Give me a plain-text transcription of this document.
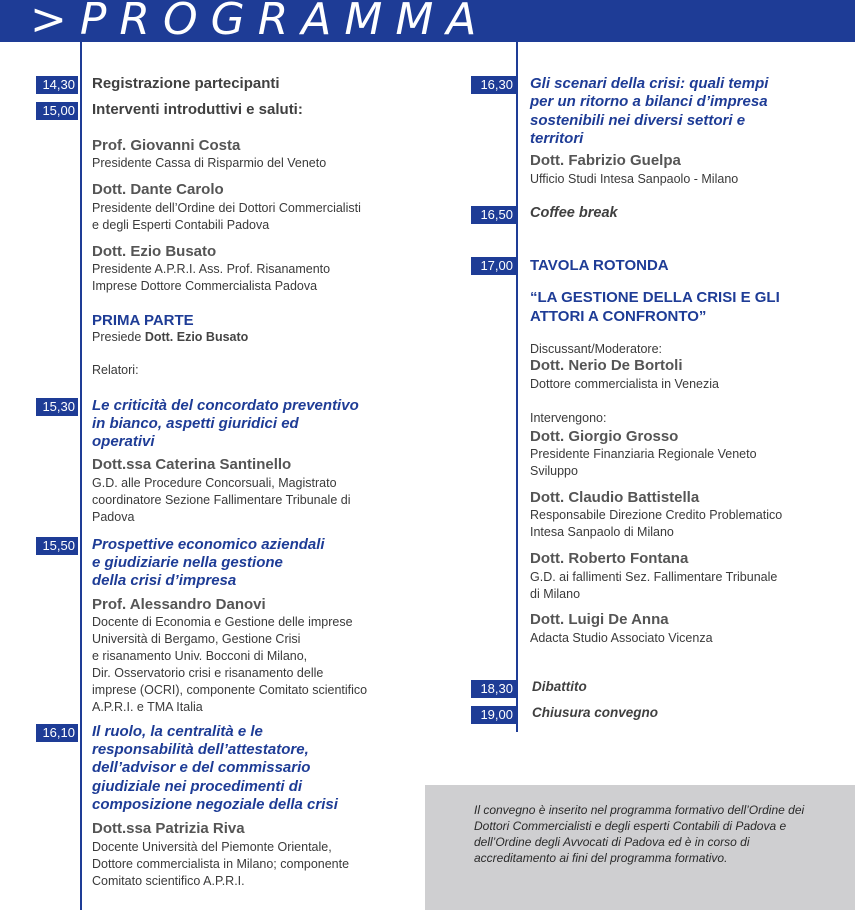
>PROGRAMMA
14,30 Registrazione partecipanti
15,00 Interventi introduttivi e saluti:
Prof. Giovanni Costa
Presidente Cassa di Risparmio del Veneto
Dott. Dante Carolo
Presidente dell’Ordine dei Dottori Commercialisti
e degli Esperti Contabili Padova
Dott. Ezio Busato
Presidente A.P.R.I. Ass. Prof. Risanamento
Imprese Dottore Commercialista Padova
PRIMA PARTE
Presiede Dott. Ezio Busato
Relatori:
15,30 Le criticità del concordato preventivo
in bianco, aspetti giuridici ed
operativi
Dott.ssa Caterina Santinello
G.D. alle Procedure Concorsuali, Magistrato
coordinatore Sezione Fallimentare Tribunale di
Padova
15,50 Prospettive economico aziendali
e giudiziarie nella gestione
della crisi d’impresa
Prof. Alessandro Danovi
Docente di Economia e Gestione delle imprese
Università di Bergamo, Gestione Crisi
e risanamento Univ. Bocconi di Milano,
Dir. Osservatorio crisi e risanamento delle
imprese (OCRI), componente Comitato scientifico
A.P.R.I. e TMA Italia
16,10 Il ruolo, la centralità e le
responsabilità dell’attestatore,
dell’advisor e del commissario
giudiziale nei procedimenti di
composizione negoziale della crisi
Dott.ssa Patrizia Riva
Docente Università del Piemonte Orientale,
Dottore commercialista in Milano; componente
Comitato scientifico A.P.R.I.
16,30 Gli scenari della crisi: quali tempi
per un ritorno a bilanci d’impresa
sostenibili nei diversi settori e
territori
Dott. Fabrizio Guelpa
Ufficio Studi Intesa Sanpaolo - Milano
16,50 Coffee break
17,00 TAVOLA ROTONDA
“LA GESTIONE DELLA CRISI E GLI
ATTORI A CONFRONTO”
Discussant/Moderatore:
Dott. Nerio De Bortoli
Dottore commercialista in Venezia
Intervengono:
Dott. Giorgio Grosso
Presidente Finanziaria Regionale Veneto
Sviluppo
Dott. Claudio Battistella
Responsabile Direzione Credito Problematico
Intesa Sanpaolo di Milano
Dott. Roberto Fontana
G.D. ai fallimenti Sez. Fallimentare Tribunale
di Milano
Dott. Luigi De Anna
Adacta Studio Associato Vicenza
18,30 Dibattito
19,00 Chiusura convegno
Il convegno è inserito nel programma formativo dell’Ordine dei Dottori Commercialisti e degli esperti Contabili di Padova e dell’Ordine degli Avvocati di Padova ed è in corso di accreditamento ai fini del programma formativo.
